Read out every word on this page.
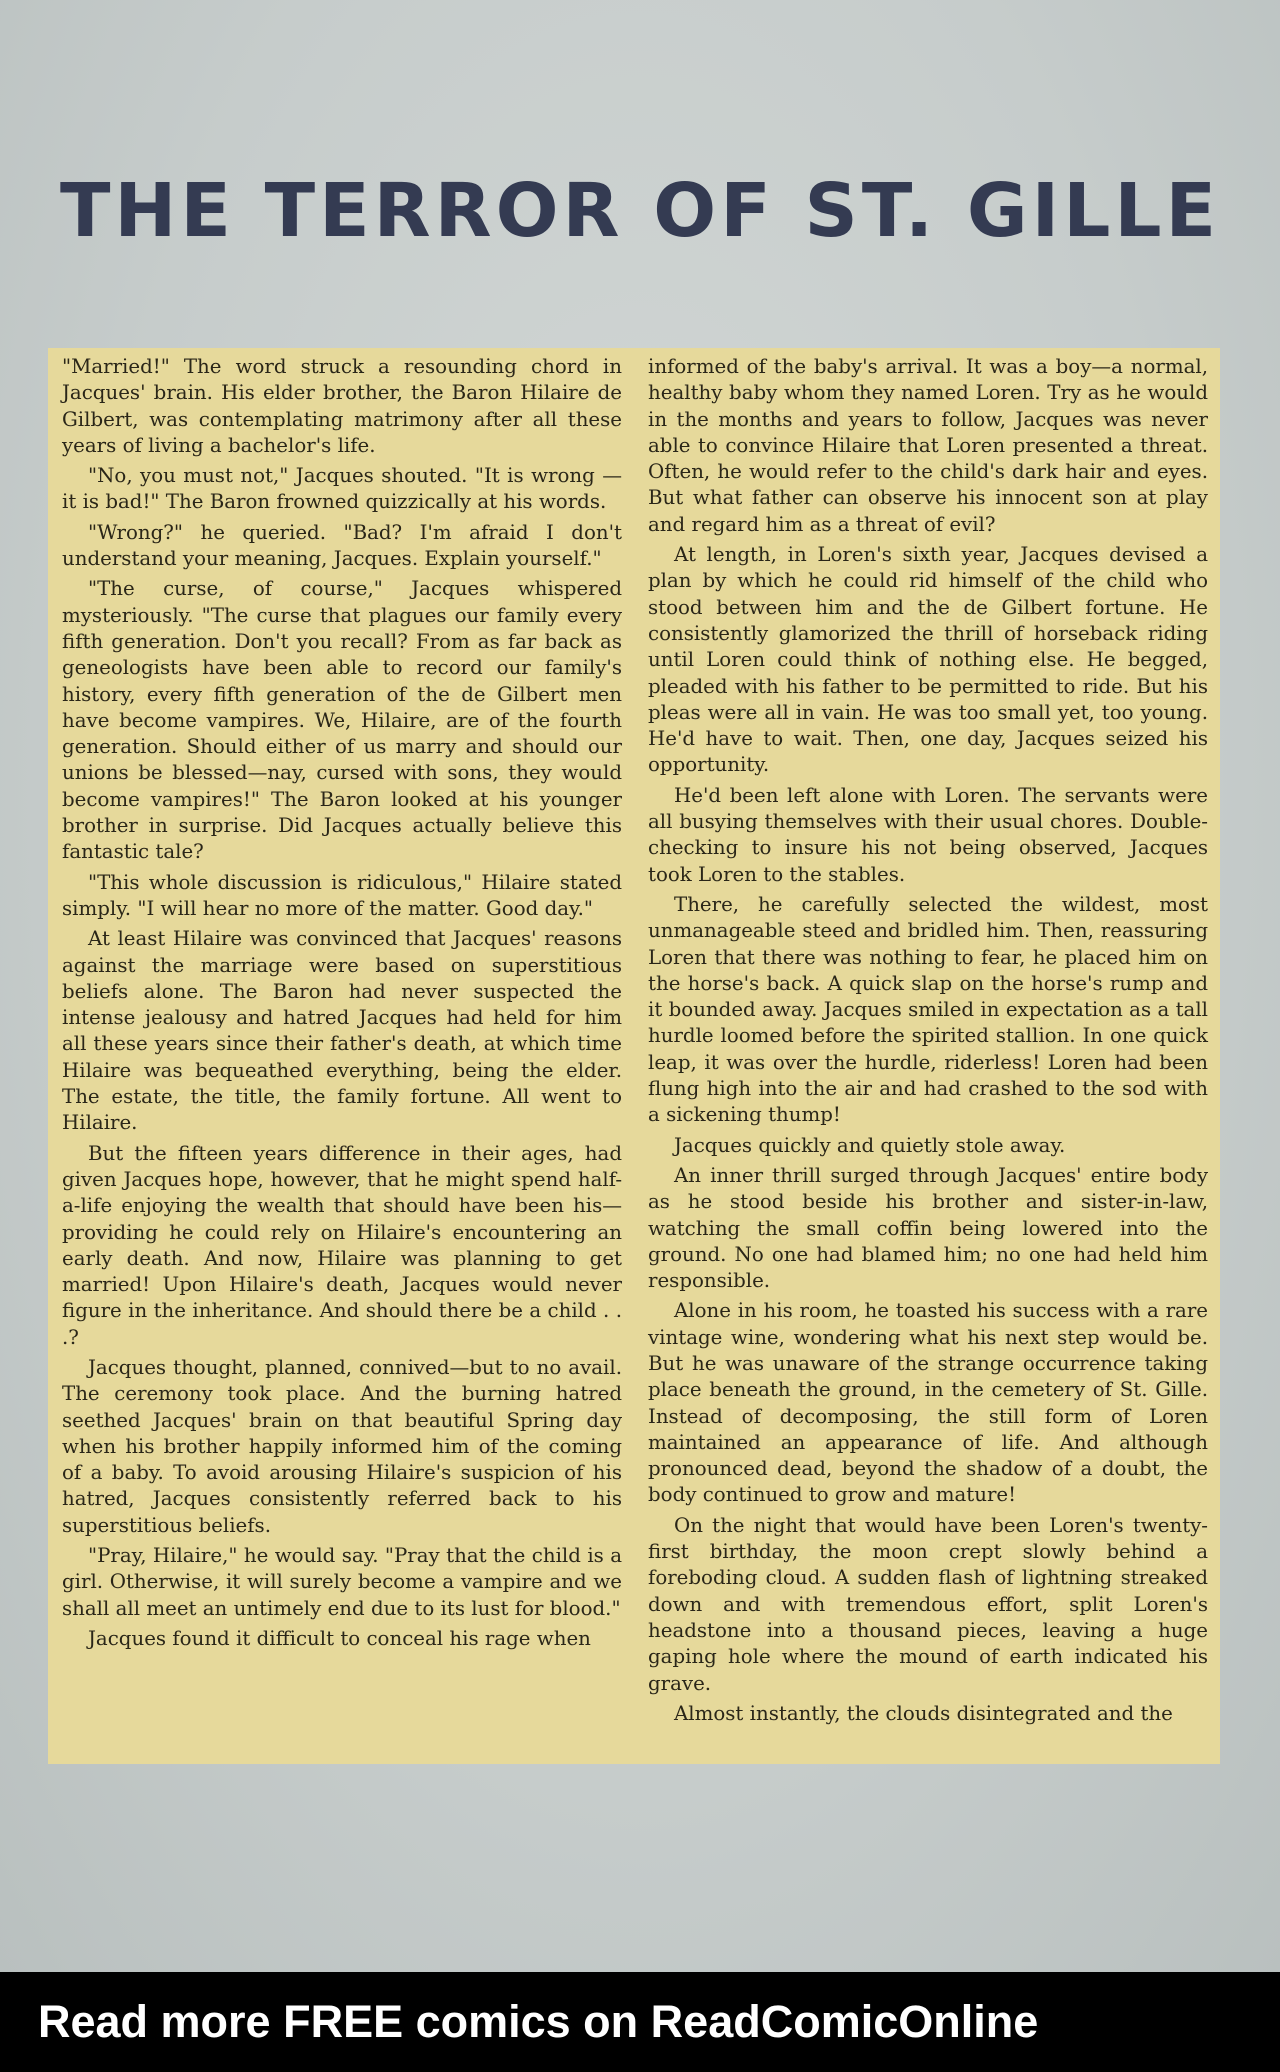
THE TERROR OF ST. GILLE

"Married!" The word struck a resounding chord in Jacques' brain. His elder brother, the Baron Hilaire de Gilbert, was contemplating matrimony after all these years of living a bachelor's life.

"No, you must not," Jacques shouted. "It is wrong —it is bad!" The Baron frowned quizzically at his words.

"Wrong?" he queried. "Bad? I'm afraid I don't understand your meaning, Jacques. Explain yourself."

"The curse, of course," Jacques whispered mysteriously. "The curse that plagues our family every fifth generation. Don't you recall? From as far back as geneologists have been able to record our family's history, every fifth generation of the de Gilbert men have become vampires. We, Hilaire, are of the fourth generation. Should either of us marry and should our unions be blessed—nay, cursed with sons, they would become vampires!" The Baron looked at his younger brother in surprise. Did Jacques actually believe this fantastic tale?

"This whole discussion is ridiculous," Hilaire stated simply. "I will hear no more of the matter. Good day."

At least Hilaire was convinced that Jacques' reasons against the marriage were based on superstitious beliefs alone. The Baron had never suspected the intense jealousy and hatred Jacques had held for him all these years since their father's death, at which time Hilaire was bequeathed everything, being the elder. The estate, the title, the family fortune. All went to Hilaire.

But the fifteen years difference in their ages, had given Jacques hope, however, that he might spend half-a-life enjoying the wealth that should have been his—providing he could rely on Hilaire's encountering an early death. And now, Hilaire was planning to get married! Upon Hilaire's death, Jacques would never figure in the inheritance. And should there be a child . . .?

Jacques thought, planned, connived—but to no avail. The ceremony took place. And the burning hatred seethed Jacques' brain on that beautiful Spring day when his brother happily informed him of the coming of a baby. To avoid arousing Hilaire's suspicion of his hatred, Jacques consistently referred back to his superstitious beliefs.

"Pray, Hilaire," he would say. "Pray that the child is a girl. Otherwise, it will surely become a vampire and we shall all meet an untimely end due to its lust for blood."

Jacques found it difficult to conceal his rage when

informed of the baby's arrival. It was a boy—a normal, healthy baby whom they named Loren. Try as he would in the months and years to follow, Jacques was never able to convince Hilaire that Loren presented a threat. Often, he would refer to the child's dark hair and eyes. But what father can observe his innocent son at play and regard him as a threat of evil?

At length, in Loren's sixth year, Jacques devised a plan by which he could rid himself of the child who stood between him and the de Gilbert fortune. He consistently glamorized the thrill of horseback riding until Loren could think of nothing else. He begged, pleaded with his father to be permitted to ride. But his pleas were all in vain. He was too small yet, too young. He'd have to wait. Then, one day, Jacques seized his opportunity.

He'd been left alone with Loren. The servants were all busying themselves with their usual chores. Double-checking to insure his not being observed, Jacques took Loren to the stables.

There, he carefully selected the wildest, most unmanageable steed and bridled him. Then, reassuring Loren that there was nothing to fear, he placed him on the horse's back. A quick slap on the horse's rump and it bounded away. Jacques smiled in expectation as a tall hurdle loomed before the spirited stallion. In one quick leap, it was over the hurdle, riderless! Loren had been flung high into the air and had crashed to the sod with a sickening thump!

Jacques quickly and quietly stole away.

An inner thrill surged through Jacques' entire body as he stood beside his brother and sister-in-law, watching the small coffin being lowered into the ground. No one had blamed him; no one had held him responsible.

Alone in his room, he toasted his success with a rare vintage wine, wondering what his next step would be. But he was unaware of the strange occurrence taking place beneath the ground, in the cemetery of St. Gille. Instead of decomposing, the still form of Loren maintained an appearance of life. And although pronounced dead, beyond the shadow of a doubt, the body continued to grow and mature!

On the night that would have been Loren's twenty-first birthday, the moon crept slowly behind a foreboding cloud. A sudden flash of lightning streaked down and with tremendous effort, split Loren's headstone into a thousand pieces, leaving a huge gaping hole where the mound of earth indicated his grave.

Almost instantly, the clouds disintegrated and the

Read more FREE comics on ReadComicOnline
